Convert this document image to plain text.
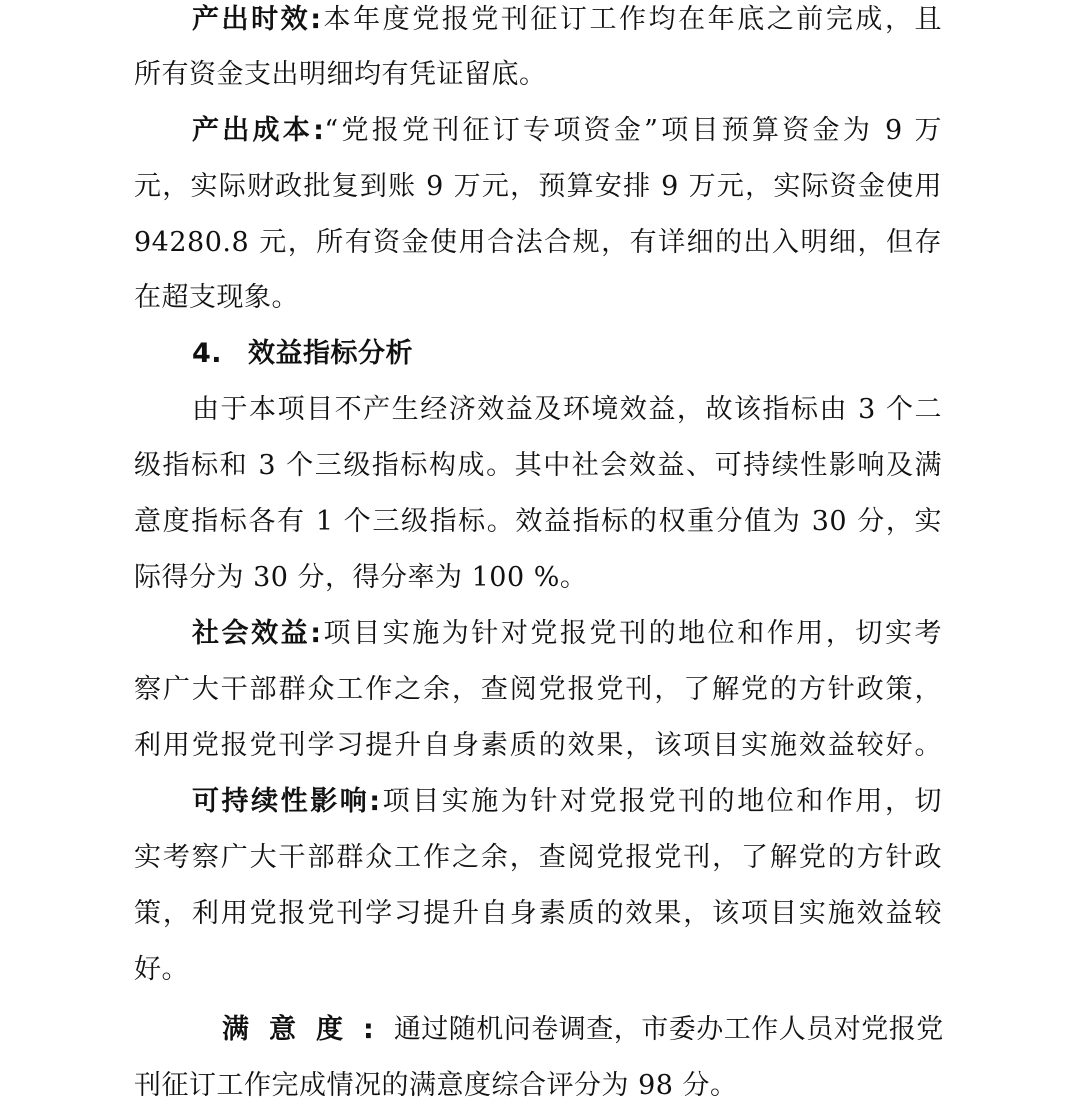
产出时效:本年度党报党刊征订工作均在年底之前完成，且
所有资金支出明细均有凭证留底。
产出成本:“党报党刊征订专项资金”项目预算资金为 9 万
元，实际财政批复到账 9 万元，预算安排 9 万元，实际资金使用
94280.8 元，所有资金使用合法合规，有详细的出入明细，但存
在超支现象。
4. 效益指标分析
由于本项目不产生经济效益及环境效益，故该指标由 3 个二
级指标和 3 个三级指标构成。其中社会效益、可持续性影响及满
意度指标各有 1 个三级指标。效益指标的权重分值为 30 分，实
际得分为 30 分，得分率为 100 %。
社会效益:项目实施为针对党报党刊的地位和作用，切实考
察广大干部群众工作之余，查阅党报党刊，了解党的方针政策，
利用党报党刊学习提升自身素质的效果，该项目实施效益较好。
可持续性影响:项目实施为针对党报党刊的地位和作用，切
实考察广大干部群众工作之余，查阅党报党刊，了解党的方针政
策，利用党报党刊学习提升自身素质的效果，该项目实施效益较
好。
满意度:通过随机问卷调查，市委办工作人员对党报党
刊征订工作完成情况的满意度综合评分为 98 分。
